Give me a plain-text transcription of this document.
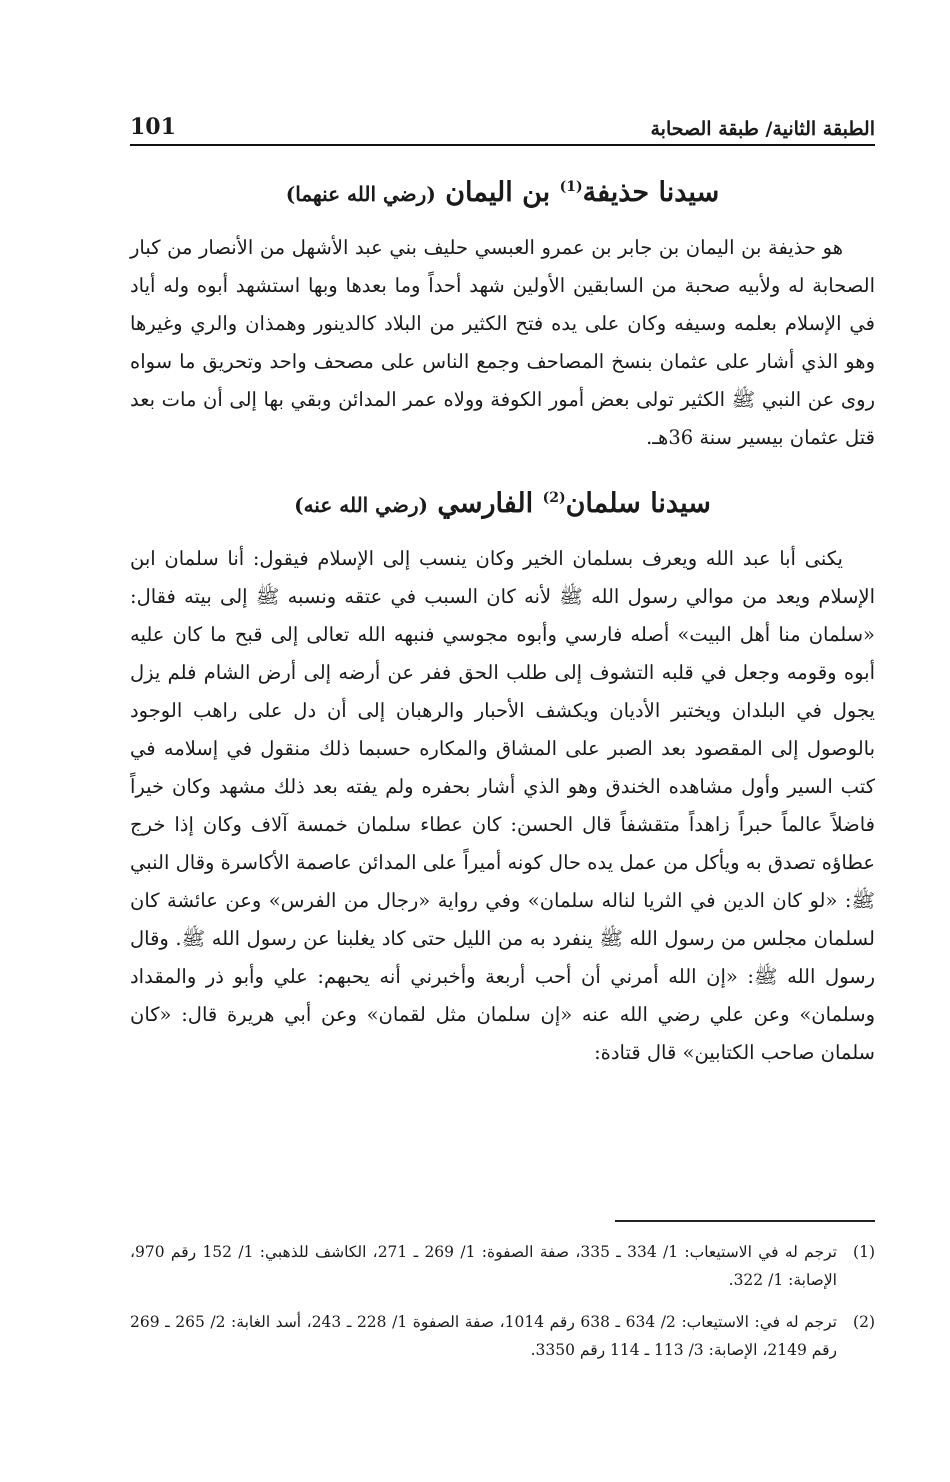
الطبقة الثانية/ طبقة الصحابة
101
سيدنا حذيفة$^{(1)}$ بن اليمان (رضي الله عنهما)

هو حذيفة بن اليمان بن جابر بن عمرو العبسي حليف بني عبد الأشهل من الأنصار من كبار الصحابة له ولأبيه صحبة من السابقين الأولين شهد أحداً وما بعدها وبها استشهد أبوه وله أياد في الإسلام بعلمه وسيفه وكان على يده فتح الكثير من البلاد كالدينور وهمذان والري وغيرها وهو الذي أشار على عثمان بنسخ المصاحف وجمع الناس على مصحف واحد وتحريق ما سواه روى عن النبي ﷺ الكثير تولى بعض أمور الكوفة وولاه عمر المدائن وبقي بها إلى أن مات بعد قتل عثمان بيسير سنة 36هـ.

سيدنا سلمان$^{(2)}$ الفارسي (رضي الله عنه)

يكنى أبا عبد الله ويعرف بسلمان الخير وكان ينسب إلى الإسلام فيقول: أنا سلمان ابن الإسلام ويعد من موالي رسول الله ﷺ لأنه كان السبب في عتقه ونسبه ﷺ إلى بيته فقال: «سلمان منا أهل البيت» أصله فارسي وأبوه مجوسي فنبهه الله تعالى إلى قبح ما كان عليه أبوه وقومه وجعل في قلبه التشوف إلى طلب الحق ففر عن أرضه إلى أرض الشام فلم يزل يجول في البلدان ويختبر الأديان ويكشف الأحبار والرهبان إلى أن دل على راهب الوجود بالوصول إلى المقصود بعد الصبر على المشاق والمكاره حسبما ذلك منقول في إسلامه في كتب السير وأول مشاهده الخندق وهو الذي أشار بحفره ولم يفته بعد ذلك مشهد وكان خيراً فاضلاً عالماً حبراً زاهداً متقشفاً قال الحسن: كان عطاء سلمان خمسة آلاف وكان إذا خرج عطاؤه تصدق به ويأكل من عمل يده حال كونه أميراً على المدائن عاصمة الأكاسرة وقال النبي ﷺ: «لو كان الدين في الثريا لناله سلمان» وفي رواية «رجال من الفرس» وعن عائشة كان لسلمان مجلس من رسول الله ﷺ ينفرد به من الليل حتى كاد يغلبنا عن رسول الله ﷺ. وقال رسول الله ﷺ: «إن الله أمرني أن أحب أربعة وأخبرني أنه يحبهم: علي وأبو ذر والمقداد وسلمان» وعن علي رضي الله عنه «إن سلمان مثل لقمان» وعن أبي هريرة قال: «كان سلمان صاحب الكتابين» قال قتادة:

(1)
ترجم له في الاستيعاب: 1/ 334 ـ 335، صفة الصفوة: 1/ 269 ـ 271، الكاشف للذهبي: 1/ 152 رقم 970، الإصابة: 1/ 322.
(2)
ترجم له في: الاستيعاب: 2/ 634 ـ 638 رقم 1014، صفة الصفوة 1/ 228 ـ 243، أسد الغابة: 2/ 265 ـ 269 رقم 2149، الإصابة: 3/ 113 ـ 114 رقم 3350.
